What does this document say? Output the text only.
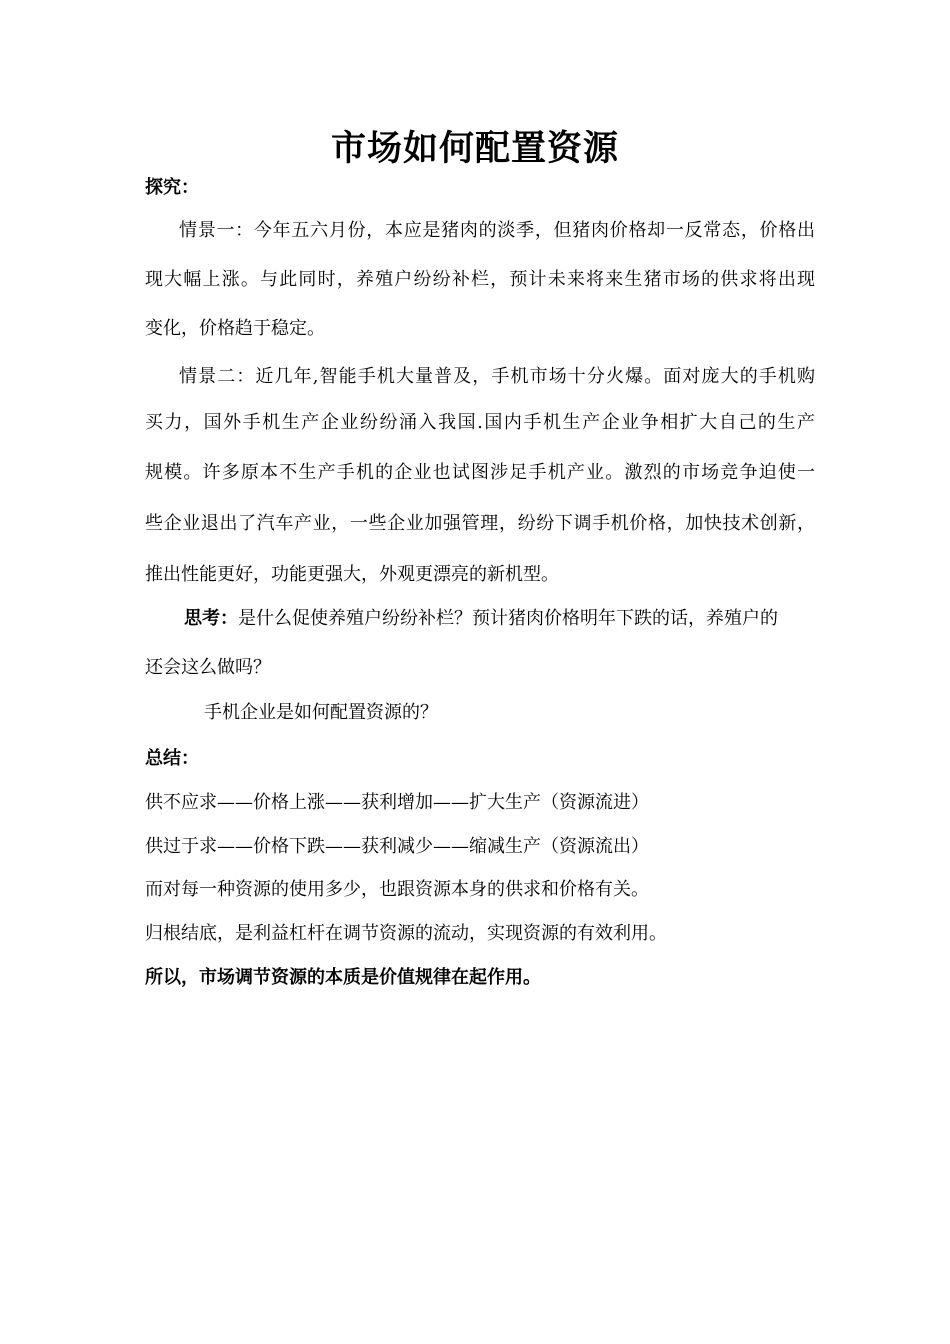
市场如何配置资源
探究：
情景一：今年五六月份，本应是猪肉的淡季，但猪肉价格却一反常态，价格出
现大幅上涨。与此同时，养殖户纷纷补栏，预计未来将来生猪市场的供求将出现
变化，价格趋于稳定。
情景二：近几年,智能手机大量普及，手机市场十分火爆。面对庞大的手机购
买力，国外手机生产企业纷纷涌入我国.国内手机生产企业争相扩大自己的生产
规模。许多原本不生产手机的企业也试图涉足手机产业。激烈的市场竞争迫使一
些企业退出了汽车产业，一些企业加强管理，纷纷下调手机价格，加快技术创新，
推出性能更好，功能更强大，外观更漂亮的新机型。
思考：是什么促使养殖户纷纷补栏？预计猪肉价格明年下跌的话，养殖户的
还会这么做吗？
手机企业是如何配置资源的？
总结：
供不应求——价格上涨——获利增加——扩大生产（资源流进）
供过于求——价格下跌——获利减少——缩减生产（资源流出）
而对每一种资源的使用多少，也跟资源本身的供求和价格有关。
归根结底，是利益杠杆在调节资源的流动，实现资源的有效利用。
所以，市场调节资源的本质是价值规律在起作用。
